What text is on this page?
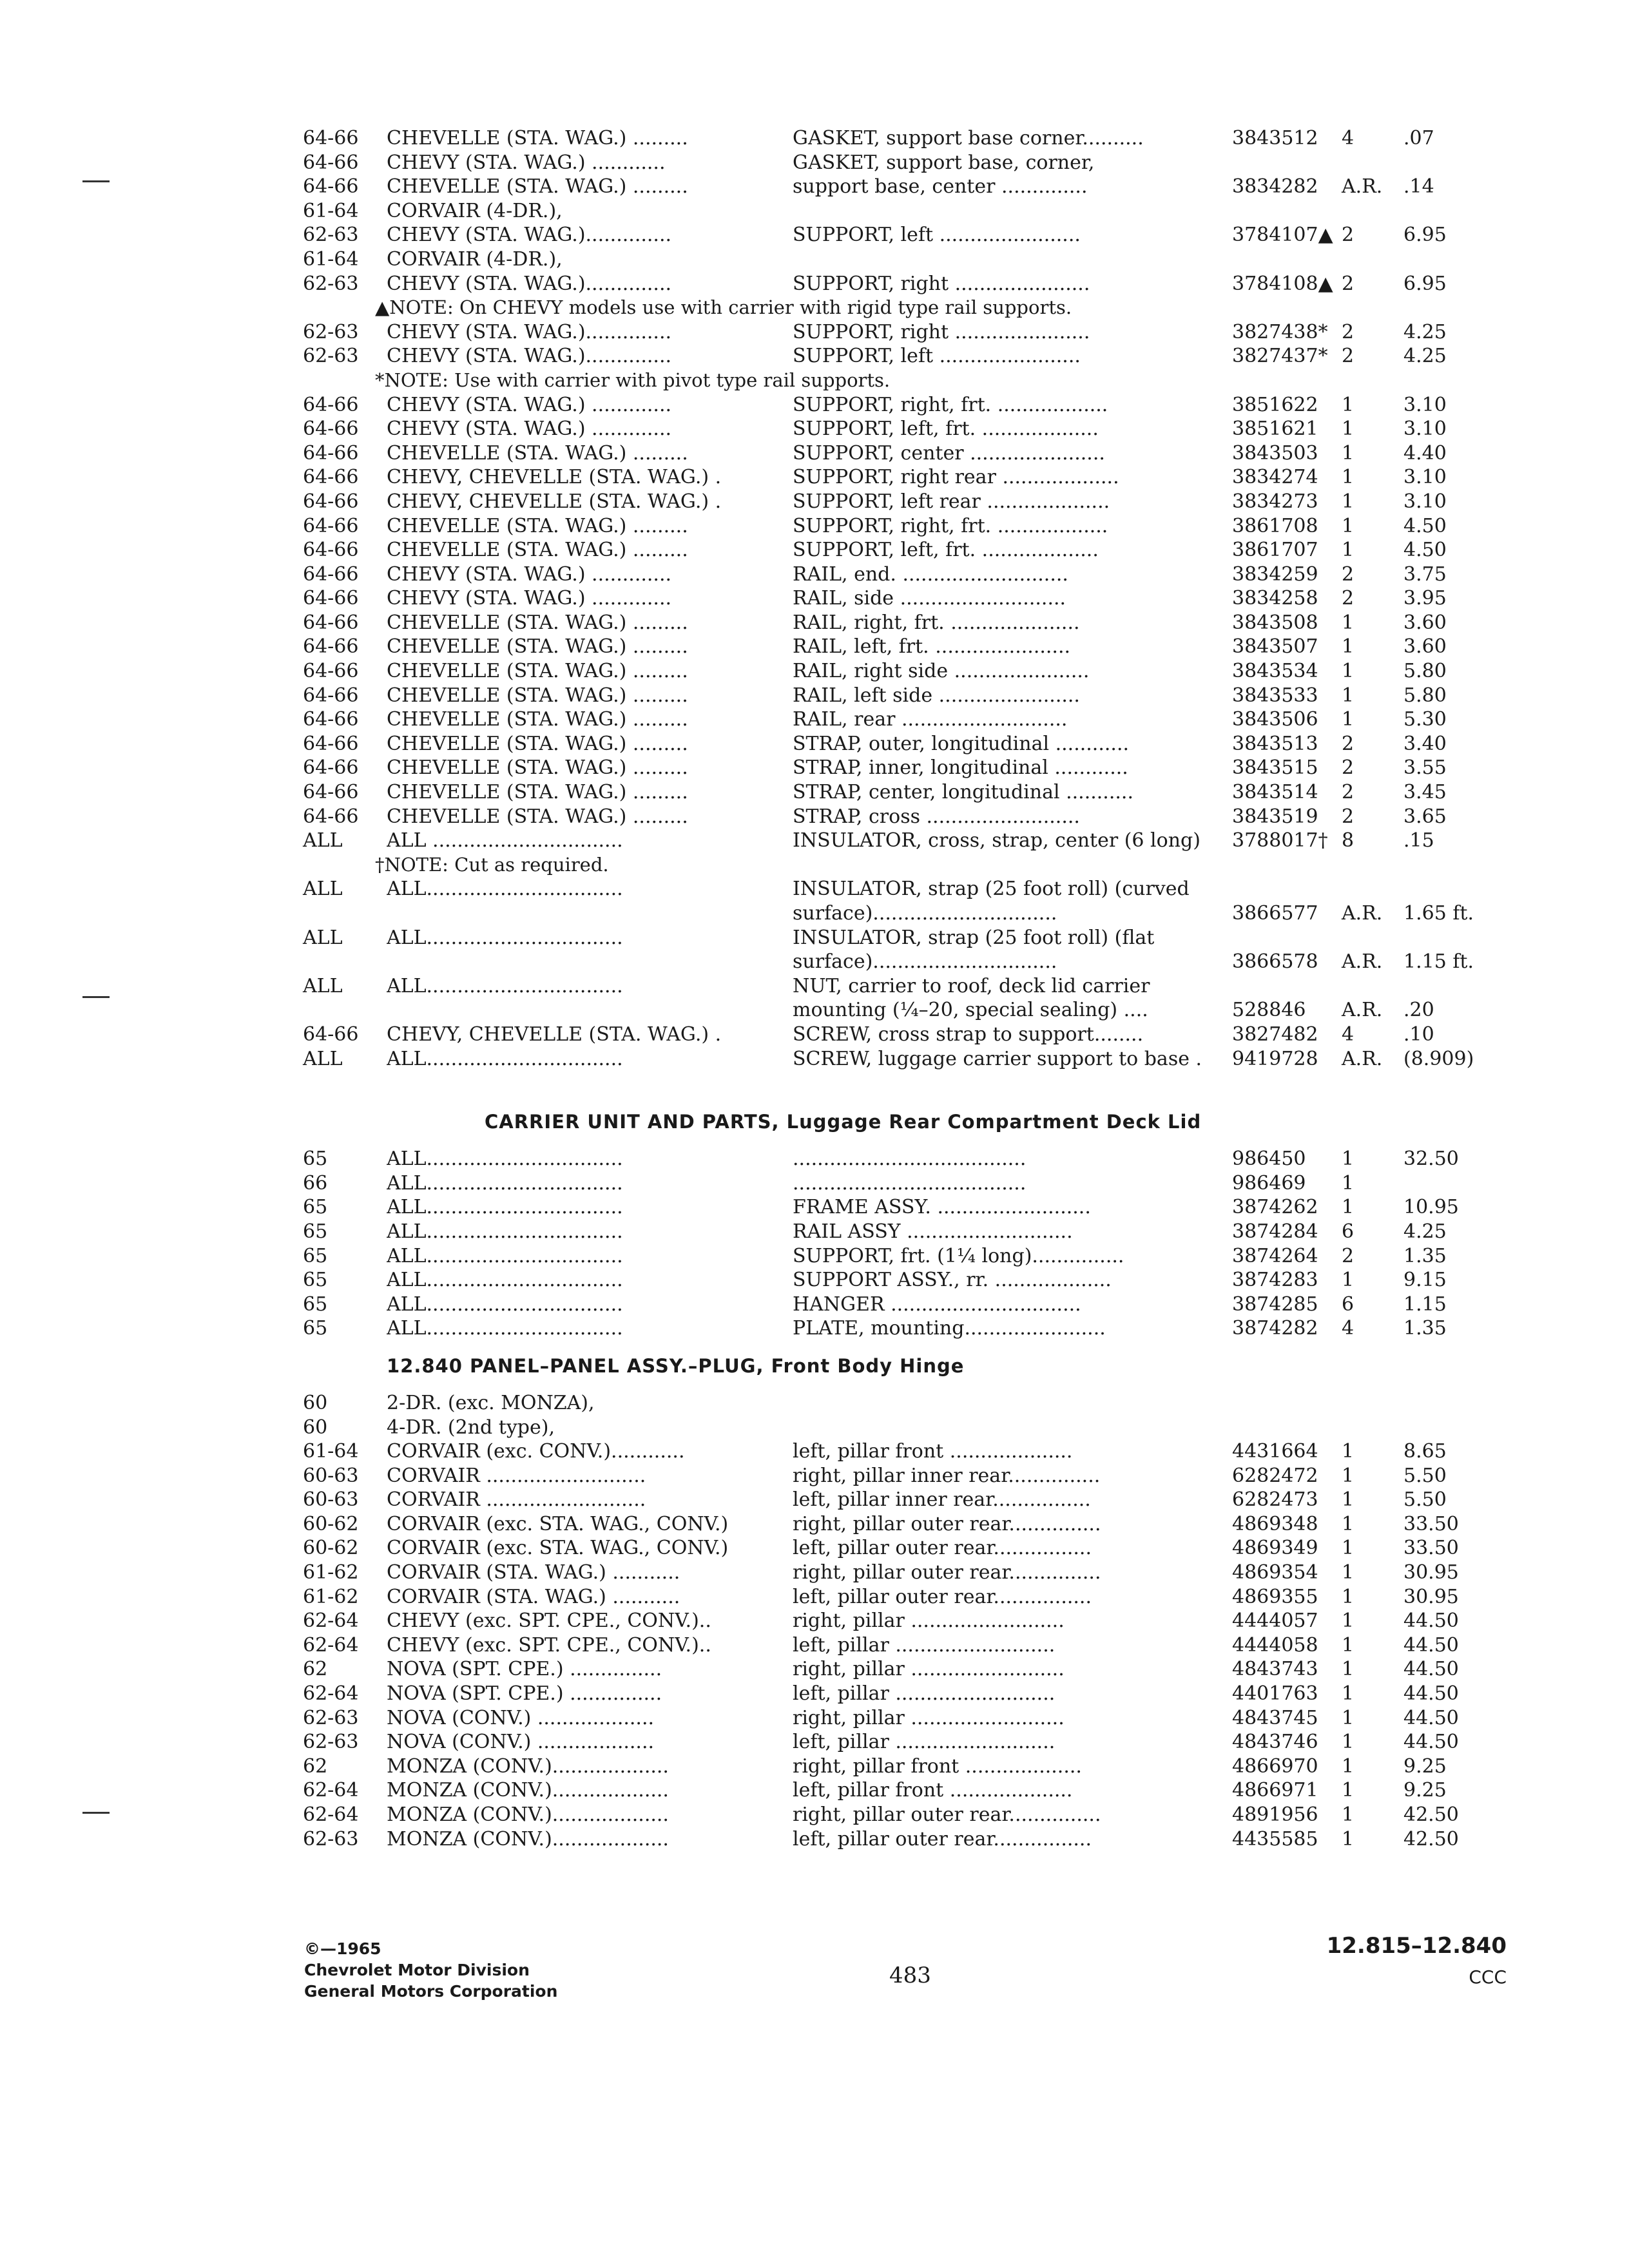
64-66 CHEVELLE (STA. WAG.) .........	GASKET, support base corner..........	3843512 4	.07
64-66 CHEVY (STA. WAG.) ............	GASKET, support base, corner,
64-66 CHEVELLE (STA. WAG.) .........	support base, center ..............	3834282 A.R. .14
61-64 CORVAIR (4-DR.),
62-63 CHEVY (STA. WAG.)..............	SUPPORT, left .......................	3784107▲ 2	6.95
61-64 CORVAIR (4-DR.),
62-63 CHEVY (STA. WAG.)..............	SUPPORT, right ......................	3784108▲ 2	6.95
▲NOTE: On CHEVY models use with carrier with rigid type rail supports.
62-63 CHEVY (STA. WAG.)..............	SUPPORT, right ......................	3827438* 2	4.25
62-63 CHEVY (STA. WAG.)..............	SUPPORT, left .......................	3827437* 2	4.25
*NOTE: Use with carrier with pivot type rail supports.
64-66 CHEVY (STA. WAG.) .............	SUPPORT, right, frt. ..................	3851622 1	3.10
64-66 CHEVY (STA. WAG.) .............	SUPPORT, left, frt. ...................	3851621 1	3.10
64-66 CHEVELLE (STA. WAG.) .........	SUPPORT, center ......................	3843503 1	4.40
64-66 CHEVY, CHEVELLE (STA. WAG.) .	SUPPORT, right rear ...................	3834274 1	3.10
64-66 CHEVY, CHEVELLE (STA. WAG.) .	SUPPORT, left rear ....................	3834273 1	3.10
64-66 CHEVELLE (STA. WAG.) .........	SUPPORT, right, frt. ..................	3861708 1	4.50
64-66 CHEVELLE (STA. WAG.) .........	SUPPORT, left, frt. ...................	3861707 1	4.50
64-66 CHEVY (STA. WAG.) .............	RAIL, end. ...........................	3834259 2	3.75
64-66 CHEVY (STA. WAG.) .............	RAIL, side ...........................	3834258 2	3.95
64-66 CHEVELLE (STA. WAG.) .........	RAIL, right, frt. .....................	3843508 1	3.60
64-66 CHEVELLE (STA. WAG.) .........	RAIL, left, frt. ......................	3843507 1	3.60
64-66 CHEVELLE (STA. WAG.) .........	RAIL, right side ......................	3843534 1	5.80
64-66 CHEVELLE (STA. WAG.) .........	RAIL, left side .......................	3843533 1	5.80
64-66 CHEVELLE (STA. WAG.) .........	RAIL, rear ...........................	3843506 1	5.30
64-66 CHEVELLE (STA. WAG.) .........	STRAP, outer, longitudinal ............	3843513 2	3.40
64-66 CHEVELLE (STA. WAG.) .........	STRAP, inner, longitudinal ............	3843515 2	3.55
64-66 CHEVELLE (STA. WAG.) .........	STRAP, center, longitudinal ...........	3843514 2	3.45
64-66 CHEVELLE (STA. WAG.) .........	STRAP, cross .........................	3843519 2	3.65
ALL ALL ...............................	INSULATOR, cross, strap, center (6 long)	3788017† 8	.15
†NOTE: Cut as required.
ALL ALL................................	INSULATOR, strap (25 foot roll) (curved
surface)..............................	3866577 A.R. 1.65 ft.
ALL ALL................................	INSULATOR, strap (25 foot roll) (flat
surface)..............................	3866578 A.R. 1.15 ft.
ALL ALL................................	NUT, carrier to roof, deck lid carrier
mounting (¼–20, special sealing) ....	528846 A.R. .20
64-66 CHEVY, CHEVELLE (STA. WAG.) .	SCREW, cross strap to support........	3827482 4	.10
ALL ALL................................	SCREW, luggage carrier support to base .	9419728 A.R. (8.909)
CARRIER UNIT AND PARTS, Luggage Rear Compartment Deck Lid
65	ALL................................	......................................	986450 1	32.50
66	ALL................................	......................................	986469 1
65	ALL................................	FRAME ASSY. .........................	3874262 1	10.95
65	ALL................................	RAIL ASSY ...........................	3874284 6	4.25
65	ALL................................	SUPPORT, frt. (1¼ long)...............	3874264 2	1.35
65	ALL................................	SUPPORT ASSY., rr. ...................	3874283 1	9.15
65	ALL................................	HANGER ...............................	3874285 6	1.15
65	ALL................................	PLATE, mounting.......................	3874282 4	1.35
12.840 PANEL–PANEL ASSY.–PLUG, Front Body Hinge
60	2-DR. (exc. MONZA),
60	4-DR. (2nd type),
61-64 CORVAIR (exc. CONV.)............	left, pillar front ....................	4431664 1	8.65
60-63 CORVAIR ..........................	right, pillar inner rear...............	6282472 1	5.50
60-63 CORVAIR ..........................	left, pillar inner rear................	6282473 1	5.50
60-62 CORVAIR (exc. STA. WAG., CONV.)	right, pillar outer rear...............	4869348 1	33.50
60-62 CORVAIR (exc. STA. WAG., CONV.)	left, pillar outer rear................	4869349 1	33.50
61-62 CORVAIR (STA. WAG.) ...........	right, pillar outer rear...............	4869354 1	30.95
61-62 CORVAIR (STA. WAG.) ...........	left, pillar outer rear................	4869355 1	30.95
62-64 CHEVY (exc. SPT. CPE., CONV.)..	right, pillar .........................	4444057 1	44.50
62-64 CHEVY (exc. SPT. CPE., CONV.)..	left, pillar ..........................	4444058 1	44.50
62	NOVA (SPT. CPE.) ...............	right, pillar .........................	4843743 1	44.50
62-64 NOVA (SPT. CPE.) ...............	left, pillar ..........................	4401763 1	44.50
62-63 NOVA (CONV.) ...................	right, pillar .........................	4843745 1	44.50
62-63 NOVA (CONV.) ...................	left, pillar ..........................	4843746 1	44.50
62	MONZA (CONV.)...................	right, pillar front ...................	4866970 1	9.25
62-64 MONZA (CONV.)...................	left, pillar front ....................	4866971 1	9.25
62-64 MONZA (CONV.)...................	right, pillar outer rear...............	4891956 1	42.50
62-63 MONZA (CONV.)...................	left, pillar outer rear................	4435585 1	42.50
©—1965
Chevrolet Motor Division
General Motors Corporation
483
12.815–12.840
CCC
